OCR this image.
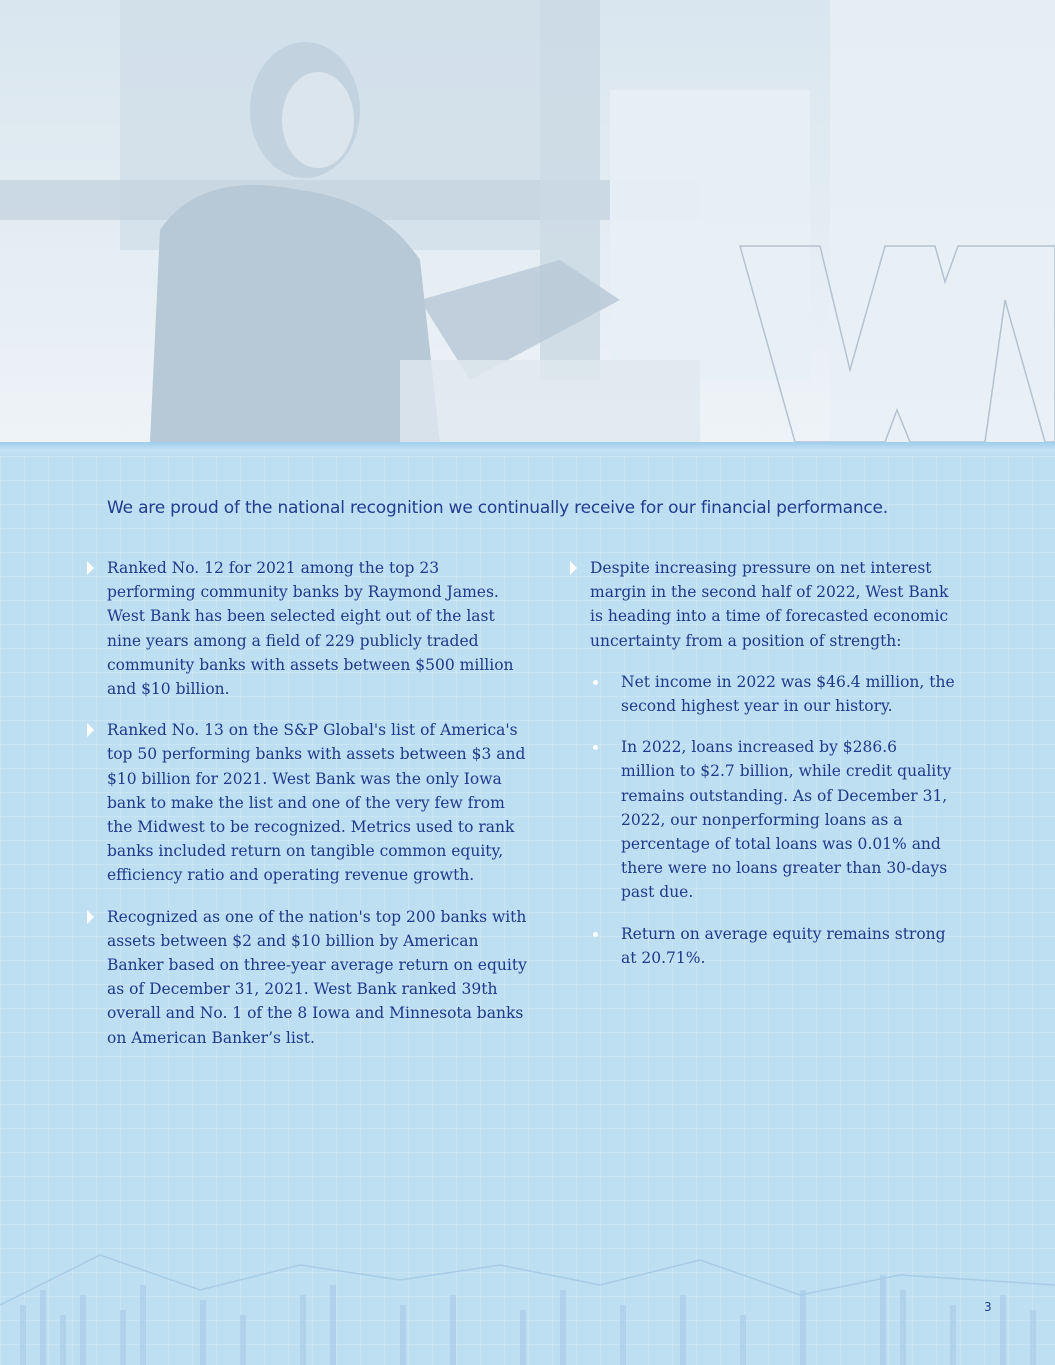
We are proud of the national recognition we continually receive for our financial performance.

Ranked No. 12 for 2021 among the top 23 performing community banks by Raymond James. West Bank has been selected eight out of the last nine years among a field of 229 publicly traded community banks with assets between $500 million and $10 billion.

Ranked No. 13 on the S&P Global's list of America's top 50 performing banks with assets between $3 and $10 billion for 2021. West Bank was the only Iowa bank to make the list and one of the very few from the Midwest to be recognized. Metrics used to rank banks included return on tangible common equity, efficiency ratio and operating revenue growth.

Recognized as one of the nation's top 200 banks with assets between $2 and $10 billion by American Banker based on three-year average return on equity as of December 31, 2021. West Bank ranked 39th overall and No. 1 of the 8 Iowa and Minnesota banks on American Banker’s list.

Despite increasing pressure on net interest margin in the second half of 2022, West Bank is heading into a time of forecasted economic uncertainty from a position of strength:

Net income in 2022 was $46.4 million, the second highest year in our history.
In 2022, loans increased by $286.6 million to $2.7 billion, while credit quality remains outstanding. As of December 31, 2022, our nonperforming loans as a percentage of total loans was 0.01% and there were no loans greater than 30-days past due.
Return on average equity remains strong at 20.71%.
3
